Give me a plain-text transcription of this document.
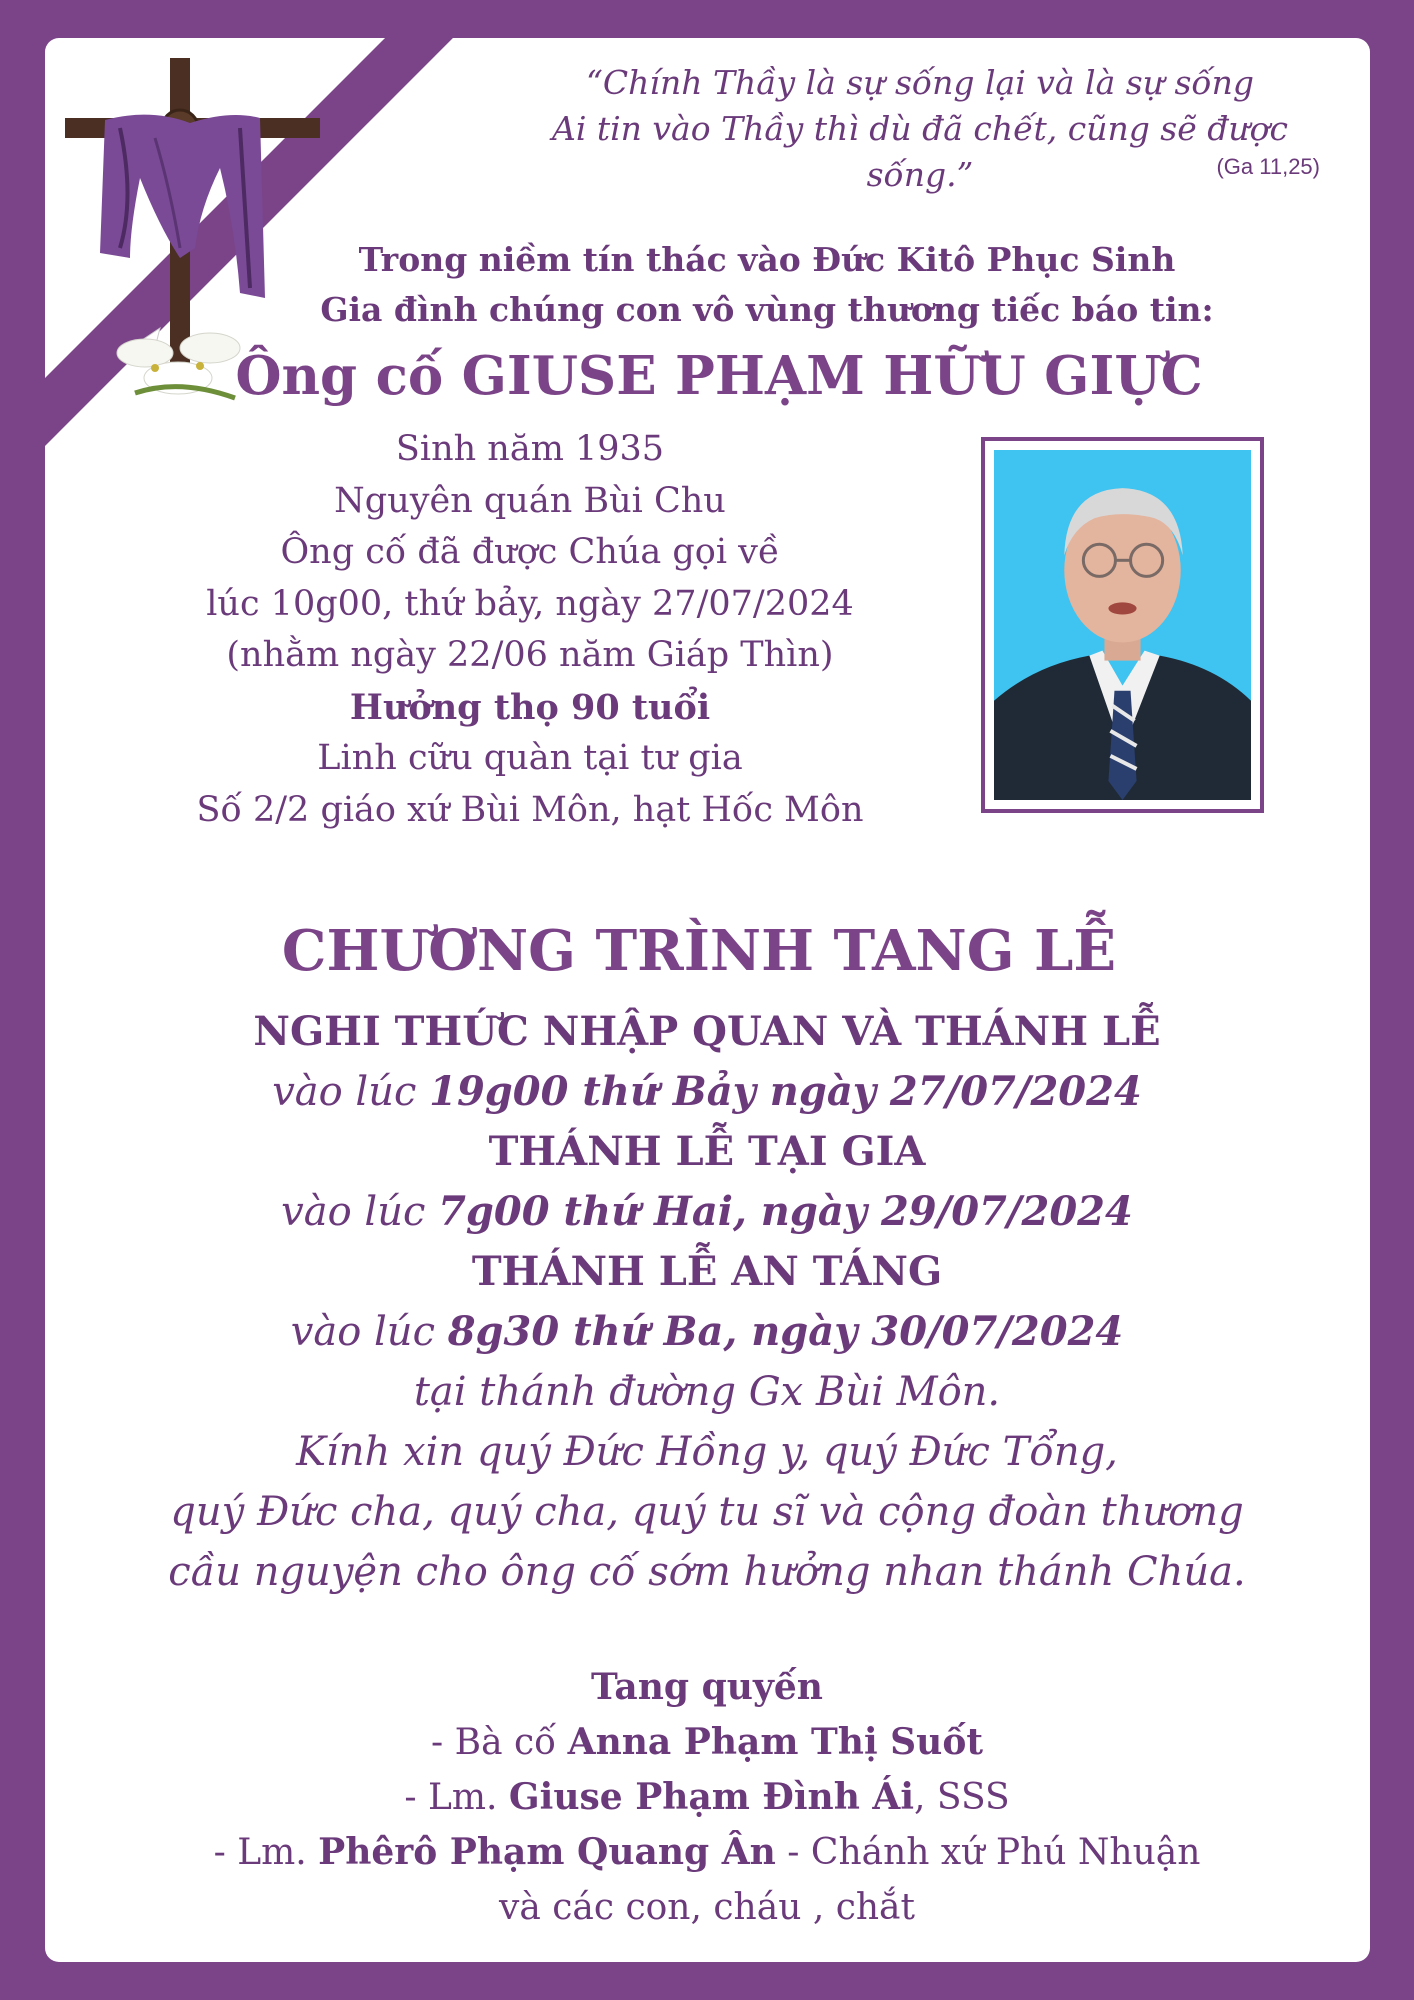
“Chính Thầy là sự sống lại và là sự sống
Ai tin vào Thầy thì dù đã chết, cũng sẽ được sống.”	(Ga 11,25)
Trong niềm tín thác vào Đức Kitô Phục Sinh
Gia đình chúng con vô vùng thương tiếc báo tin:
Ông cố GIUSE PHẠM HỮU GIỰC
Sinh năm 1935
Nguyên quán Bùi Chu
Ông cố đã được Chúa gọi về
lúc 10g00, thứ bảy, ngày 27/07/2024
(nhằm ngày 22/06 năm Giáp Thìn)
Hưởng thọ 90 tuổi
Linh cữu quàn tại tư gia
Số 2/2 giáo xứ Bùi Môn, hạt Hốc Môn
CHƯƠNG TRÌNH TANG LỄ
NGHI THỨC NHẬP QUAN VÀ THÁNH LỄ
vào lúc 19g00 thứ Bảy ngày 27/07/2024
THÁNH LỄ TẠI GIA
vào lúc 7g00 thứ Hai, ngày 29/07/2024
THÁNH LỄ AN TÁNG
vào lúc 8g30 thứ Ba, ngày 30/07/2024
tại thánh đường Gx Bùi Môn.
Kính xin quý Đức Hồng y, quý Đức Tổng,
quý Đức cha, quý cha, quý tu sĩ và cộng đoàn thương
cầu nguyện cho ông cố sớm hưởng nhan thánh Chúa.
Tang quyến
- Bà cố Anna Phạm Thị Suốt
- Lm. Giuse Phạm Đình Ái, SSS
- Lm. Phêrô Phạm Quang Ân - Chánh xứ Phú Nhuận
và các con, cháu , chắt
